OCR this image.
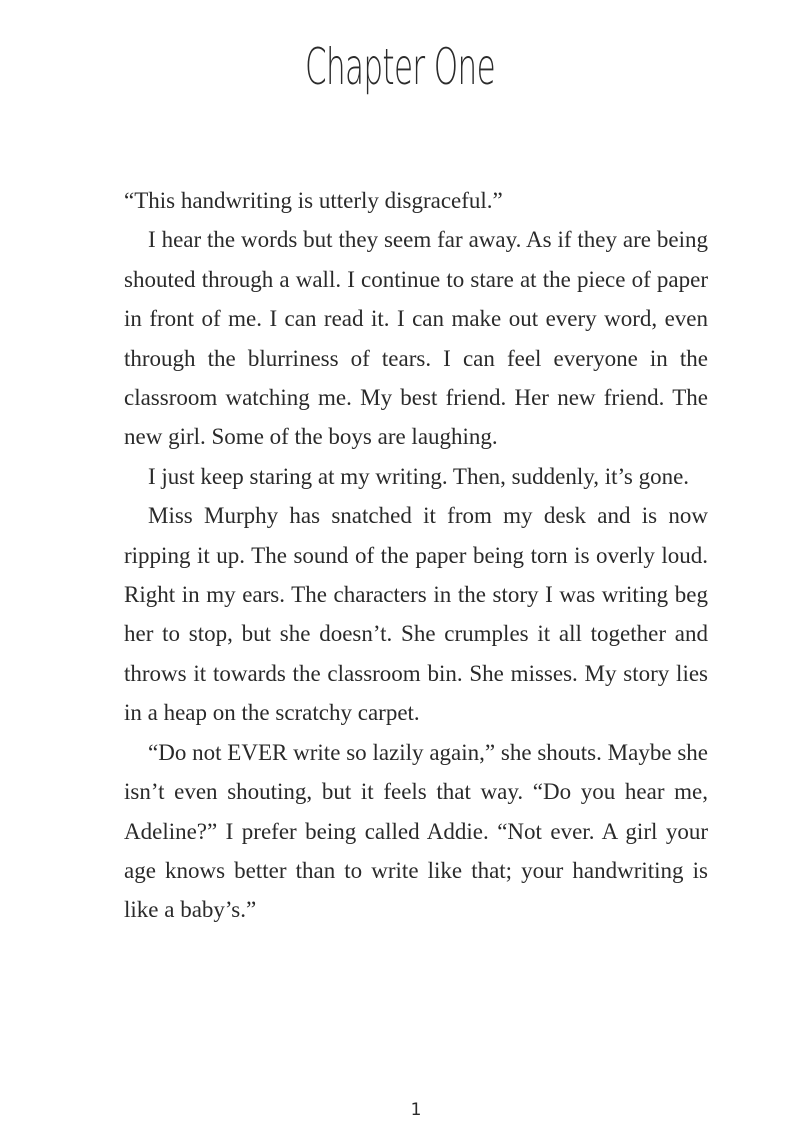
Chapter One

“This handwriting is utterly disgraceful.”

I hear the words but they seem far away. As if they are being shouted through a wall. I continue to stare at the piece of paper in front of me. I can read it. I can make out every word, even through the blurriness of tears. I can feel everyone in the classroom watching me. My best friend. Her new friend. The new girl. Some of the boys are laughing.

I just keep staring at my writing. Then, suddenly, it’s gone.

Miss Murphy has snatched it from my desk and is now ripping it up. The sound of the paper being torn is overly loud. Right in my ears. The characters in the story I was writing beg her to stop, but she doesn’t. She crumples it all together and throws it towards the classroom bin. She misses. My story lies in a heap on the scratchy carpet.

“Do not EVER write so lazily again,” she shouts. Maybe she isn’t even shouting, but it feels that way. “Do you hear me, Adeline?” I prefer being called Addie. “Not ever. A girl your age knows better than to write like that; your handwriting is like a baby’s.”

1
